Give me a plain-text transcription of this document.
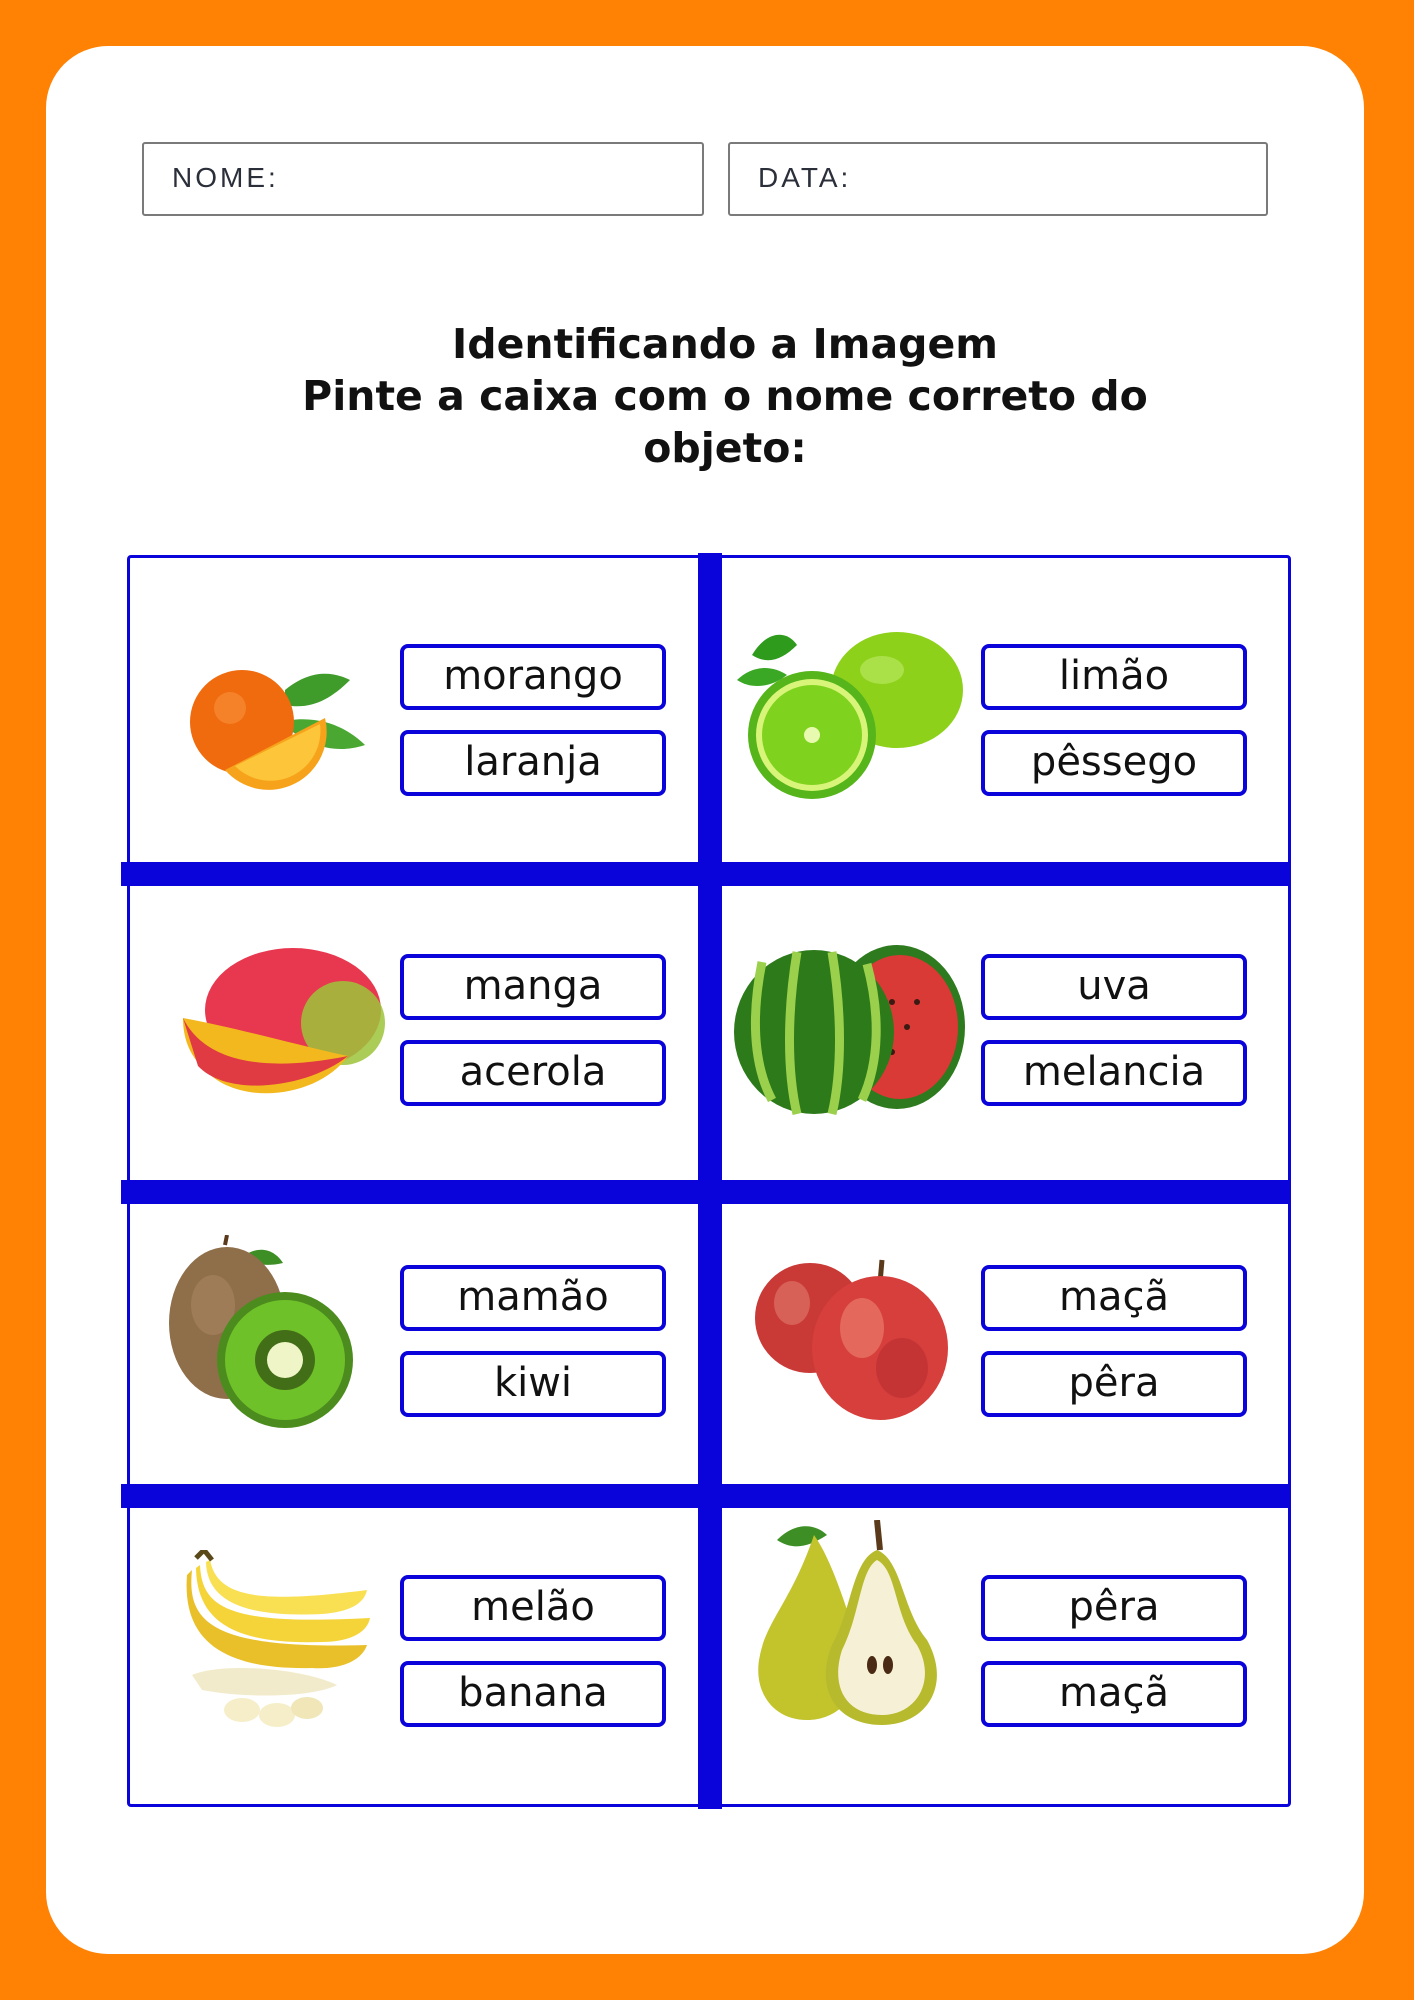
NOME:	DATA:
Identificando a Imagem
Pinte a caixa com o nome correto do
objeto:
morango
laranja
limão
pêssego
manga
acerola
uva
melancia
mamão
kiwi
maçã
pêra
melão
banana
pêra
maçã
